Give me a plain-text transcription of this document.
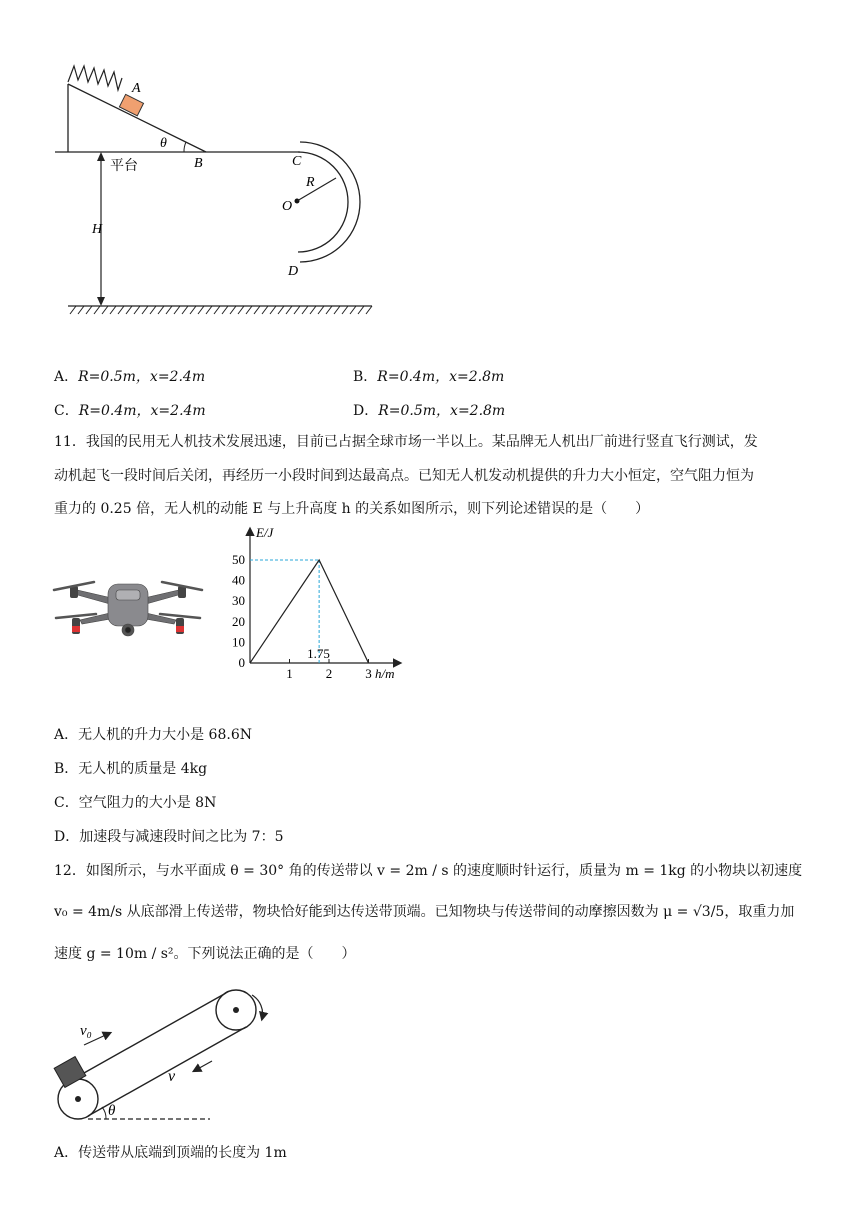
A
θ
B
平台	C
R
O
D
H
A．R=0.5m，x=2.4m	B．R=0.4m，x=2.8m
C．R=0.4m，x=2.4m	D．R=0.5m，x=2.8m
11．我国的民用无人机技术发展迅速，目前已占据全球市场一半以上。某品牌无人机出厂前进行竖直飞行测试，发
动机起飞一段时间后关闭，再经历一小段时间到达最高点。已知无人机发动机提供的升力大小恒定，空气阻力恒为
重力的 0.25 倍，无人机的动能 E 与上升高度 h 的关系如图所示，则下列论述错误的是（　　）
E/J
h/m
0
10
20
30
40
50
1	2	3
1.75
A．无人机的升力大小是 68.6N
B．无人机的质量是 4kg
C．空气阻力的大小是 8N
D．加速段与减速段时间之比为 7：5
12．如图所示，与水平面成 θ = 30° 角的传送带以 v = 2m / s 的速度顺时针运行，质量为 m = 1kg 的小物块以初速度
v₀ = 4m/s 从底部滑上传送带，物块恰好能到达传送带顶端。已知物块与传送带间的动摩擦因数为 μ = √3/5，取重力加
速度 g = 10m / s²。下列说法正确的是（　　）
v₀
v
θ
A．传送带从底端到顶端的长度为 1m
